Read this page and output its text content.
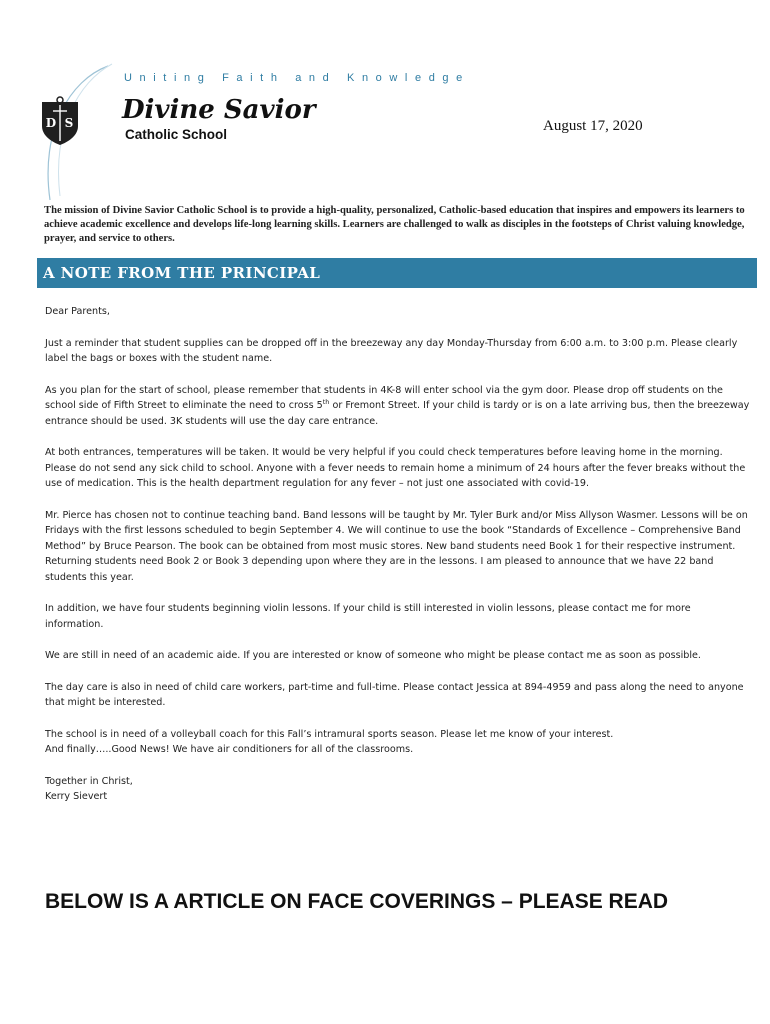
Uniting Faith and Knowledge
D S Divine Savior
Catholic School
August 17, 2020
The mission of Divine Savior Catholic School is to provide a high-quality, personalized, Catholic-based education that inspires and empowers its learners to achieve academic excellence and develops life-long learning skills. Learners are challenged to walk as disciples in the footsteps of Christ valuing knowledge, prayer, and service to others.
A NOTE FROM THE PRINCIPAL

Dear Parents,

Just a reminder that student supplies can be dropped off in the breezeway any day Monday-Thursday from 6:00 a.m. to 3:00 p.m. Please clearly label the bags or boxes with the student name.

As you plan for the start of school, please remember that students in 4K-8 will enter school via the gym door. Please drop off students on the school side of Fifth Street to eliminate the need to cross 5th or Fremont Street. If your child is tardy or is on a late arriving bus, then the breezeway entrance should be used. 3K students will use the day care entrance.

At both entrances, temperatures will be taken. It would be very helpful if you could check temperatures before leaving home in the morning. Please do not send any sick child to school. Anyone with a fever needs to remain home a minimum of 24 hours after the fever breaks without the use of medication. This is the health department regulation for any fever – not just one associated with covid-19.

Mr. Pierce has chosen not to continue teaching band. Band lessons will be taught by Mr. Tyler Burk and/or Miss Allyson Wasmer. Lessons will be on Fridays with the first lessons scheduled to begin September 4. We will continue to use the book “Standards of Excellence – Comprehensive Band Method” by Bruce Pearson. The book can be obtained from most music stores. New band students need Book 1 for their respective instrument. Returning students need Book 2 or Book 3 depending upon where they are in the lessons. I am pleased to announce that we have 22 band students this year.

In addition, we have four students beginning violin lessons. If your child is still interested in violin lessons, please contact me for more information.

We are still in need of an academic aide. If you are interested or know of someone who might be please contact me as soon as possible.

The day care is also in need of child care workers, part-time and full-time. Please contact Jessica at 894-4959 and pass along the need to anyone that might be interested.

The school is in need of a volleyball coach for this Fall’s intramural sports season. Please let me know of your interest.

And finally…..Good News! We have air conditioners for all of the classrooms.

Together in Christ,

Kerry Sievert

BELOW IS A ARTICLE ON FACE COVERINGS – PLEASE READ
